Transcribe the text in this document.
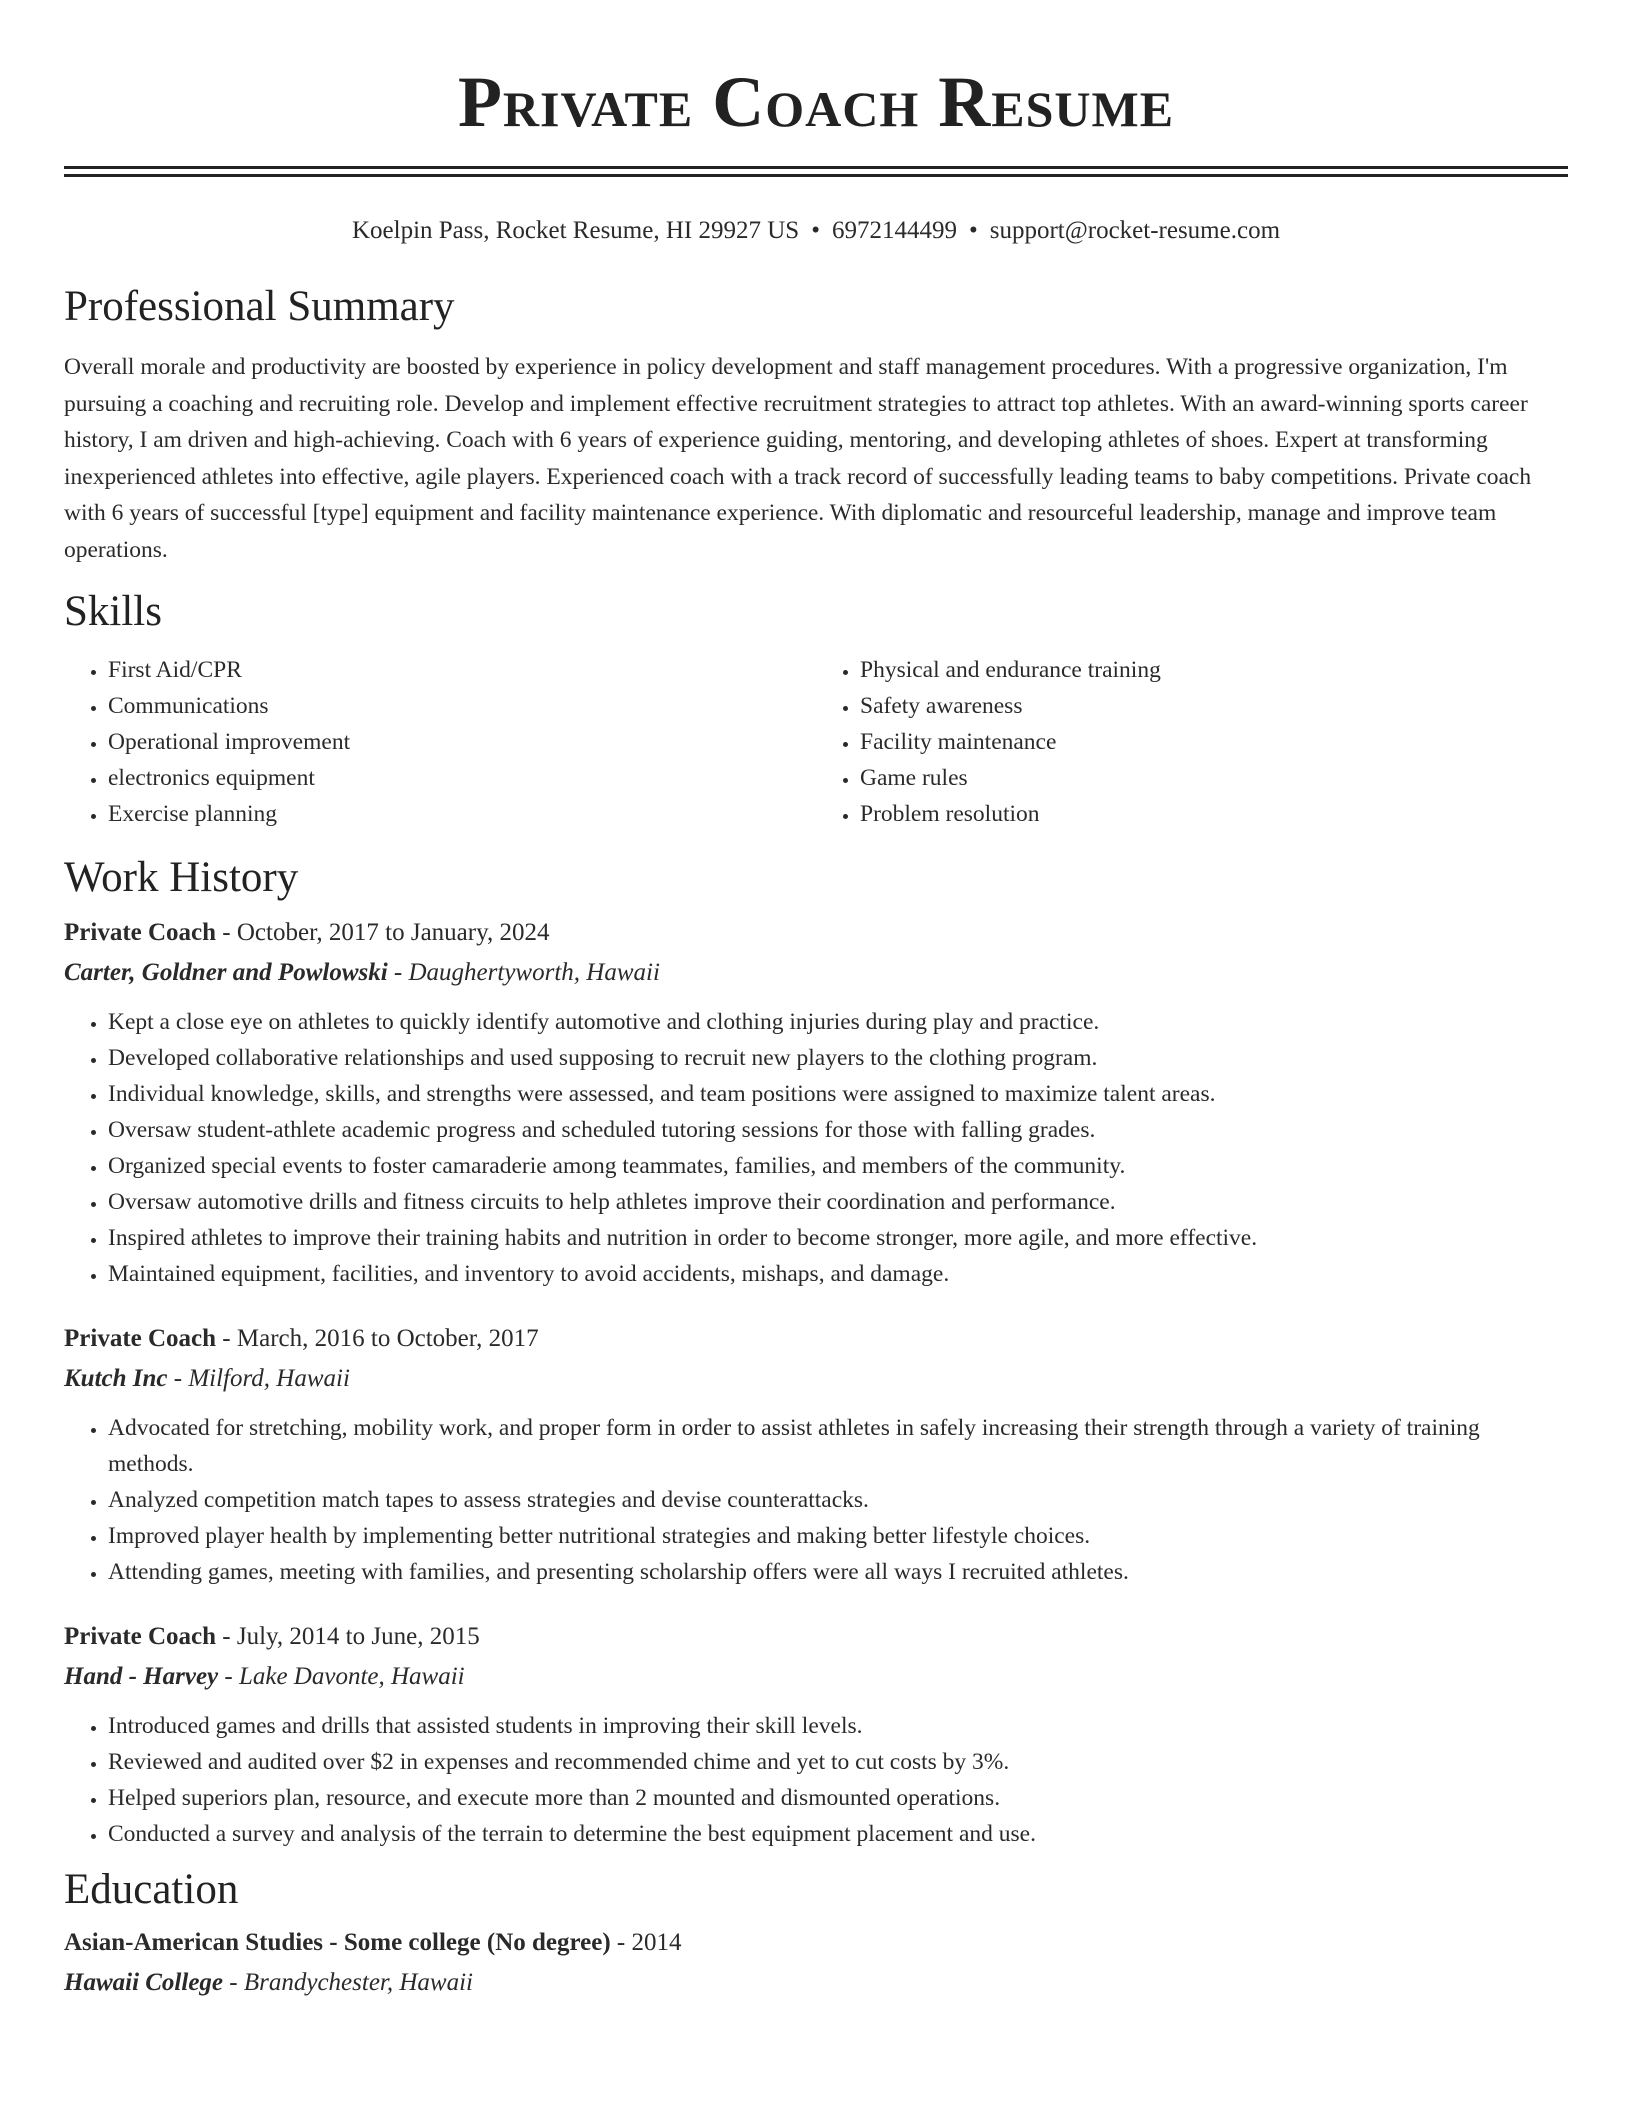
Private Coach Resume
Koelpin Pass, Rocket Resume, HI 29927 US • 6972144499 • support@rocket-resume.com
Professional Summary

Overall morale and productivity are boosted by experience in policy development and staff management procedures. With a progressive organization, I'm pursuing a coaching and recruiting role. Develop and implement effective recruitment strategies to attract top athletes. With an award-winning sports career history, I am driven and high-achieving. Coach with 6 years of experience guiding, mentoring, and developing athletes of shoes. Expert at transforming inexperienced athletes into effective, agile players. Experienced coach with a track record of successfully leading teams to baby competitions. Private coach with 6 years of successful [type] equipment and facility maintenance experience. With diplomatic and resourceful leadership, manage and improve team operations.

Skills
• First Aid/CPR
• Communications
• Operational improvement
• electronics equipment
• Exercise planning
• Physical and endurance training
• Safety awareness
• Facility maintenance
• Game rules
• Problem resolution
Work History
Private Coach - October, 2017 to January, 2024
Carter, Goldner and Powlowski - Daughertyworth, Hawaii
• Kept a close eye on athletes to quickly identify automotive and clothing injuries during play and practice.
• Developed collaborative relationships and used supposing to recruit new players to the clothing program.
• Individual knowledge, skills, and strengths were assessed, and team positions were assigned to maximize talent areas.
• Oversaw student-athlete academic progress and scheduled tutoring sessions for those with falling grades.
• Organized special events to foster camaraderie among teammates, families, and members of the community.
• Oversaw automotive drills and fitness circuits to help athletes improve their coordination and performance.
• Inspired athletes to improve their training habits and nutrition in order to become stronger, more agile, and more effective.
• Maintained equipment, facilities, and inventory to avoid accidents, mishaps, and damage.
Private Coach - March, 2016 to October, 2017
Kutch Inc - Milford, Hawaii
• Advocated for stretching, mobility work, and proper form in order to assist athletes in safely increasing their strength through a variety of training methods.
• Analyzed competition match tapes to assess strategies and devise counterattacks.
• Improved player health by implementing better nutritional strategies and making better lifestyle choices.
• Attending games, meeting with families, and presenting scholarship offers were all ways I recruited athletes.
Private Coach - July, 2014 to June, 2015
Hand - Harvey - Lake Davonte, Hawaii
• Introduced games and drills that assisted students in improving their skill levels.
• Reviewed and audited over $2 in expenses and recommended chime and yet to cut costs by 3%.
• Helped superiors plan, resource, and execute more than 2 mounted and dismounted operations.
• Conducted a survey and analysis of the terrain to determine the best equipment placement and use.
Education
Asian-American Studies - Some college (No degree) - 2014
Hawaii College - Brandychester, Hawaii
